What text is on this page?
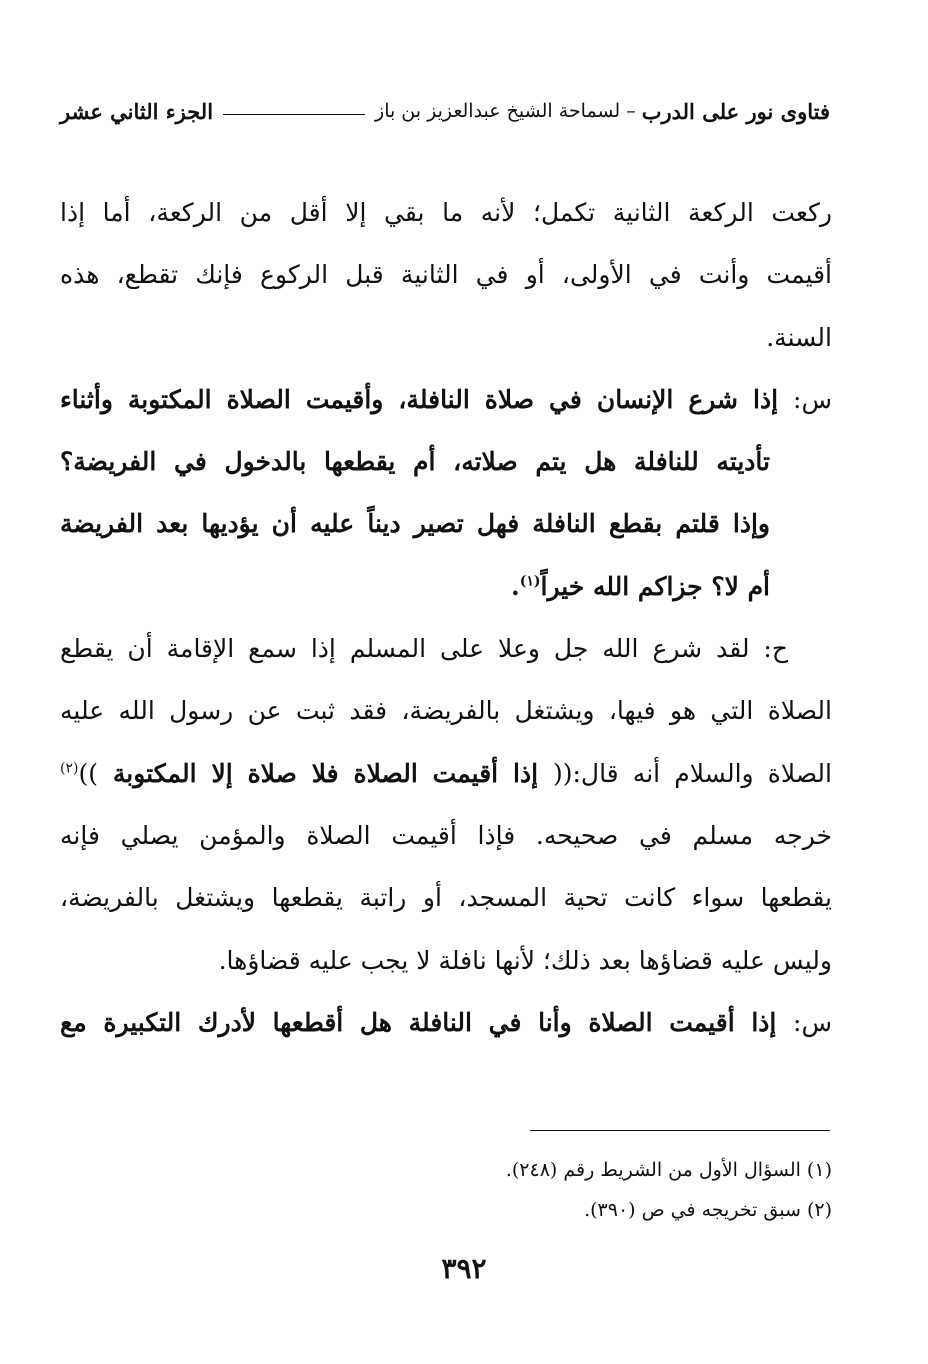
فتاوى نور على الدرب
– لسماحة الشيخ عبدالعزيز بن باز
الجزء الثاني عشر
ركعت الركعة الثانية تكمل؛ لأنه ما بقي إلا أقل من الركعة، أما إذا
أقيمت وأنت في الأولى، أو في الثانية قبل الركوع فإنك تقطع، هذه
السنة.
س: إذا شرع الإنسان في صلاة النافلة، وأقيمت الصلاة المكتوبة وأثناء
تأديته للنافلة هل يتم صلاته، أم يقطعها بالدخول في الفريضة؟
وإذا قلتم بقطع النافلة فهل تصير ديناً عليه أن يؤديها بعد الفريضة
أم لا؟ جزاكم الله خيراً$^{(١)}$.
ح: لقد شرع الله جل وعلا على المسلم إذا سمع الإقامة أن يقطع
الصلاة التي هو فيها، ويشتغل بالفريضة، فقد ثبت عن رسول الله عليه
الصلاة والسلام أنه قال:(( إذا أقيمت الصلاة فلا صلاة إلا المكتوبة ))$^{(٢)}$
خرجه مسلم في صحيحه. فإذا أقيمت الصلاة والمؤمن يصلي فإنه
يقطعها سواء كانت تحية المسجد، أو راتبة يقطعها ويشتغل بالفريضة،
وليس عليه قضاؤها بعد ذلك؛ لأنها نافلة لا يجب عليه قضاؤها.
س: إذا أقيمت الصلاة وأنا في النافلة هل أقطعها لأدرك التكبيرة مع
(١) السؤال الأول من الشريط رقم (٢٤٨).
(٢) سبق تخريجه في ص (٣٩٠).
٣٩٢
